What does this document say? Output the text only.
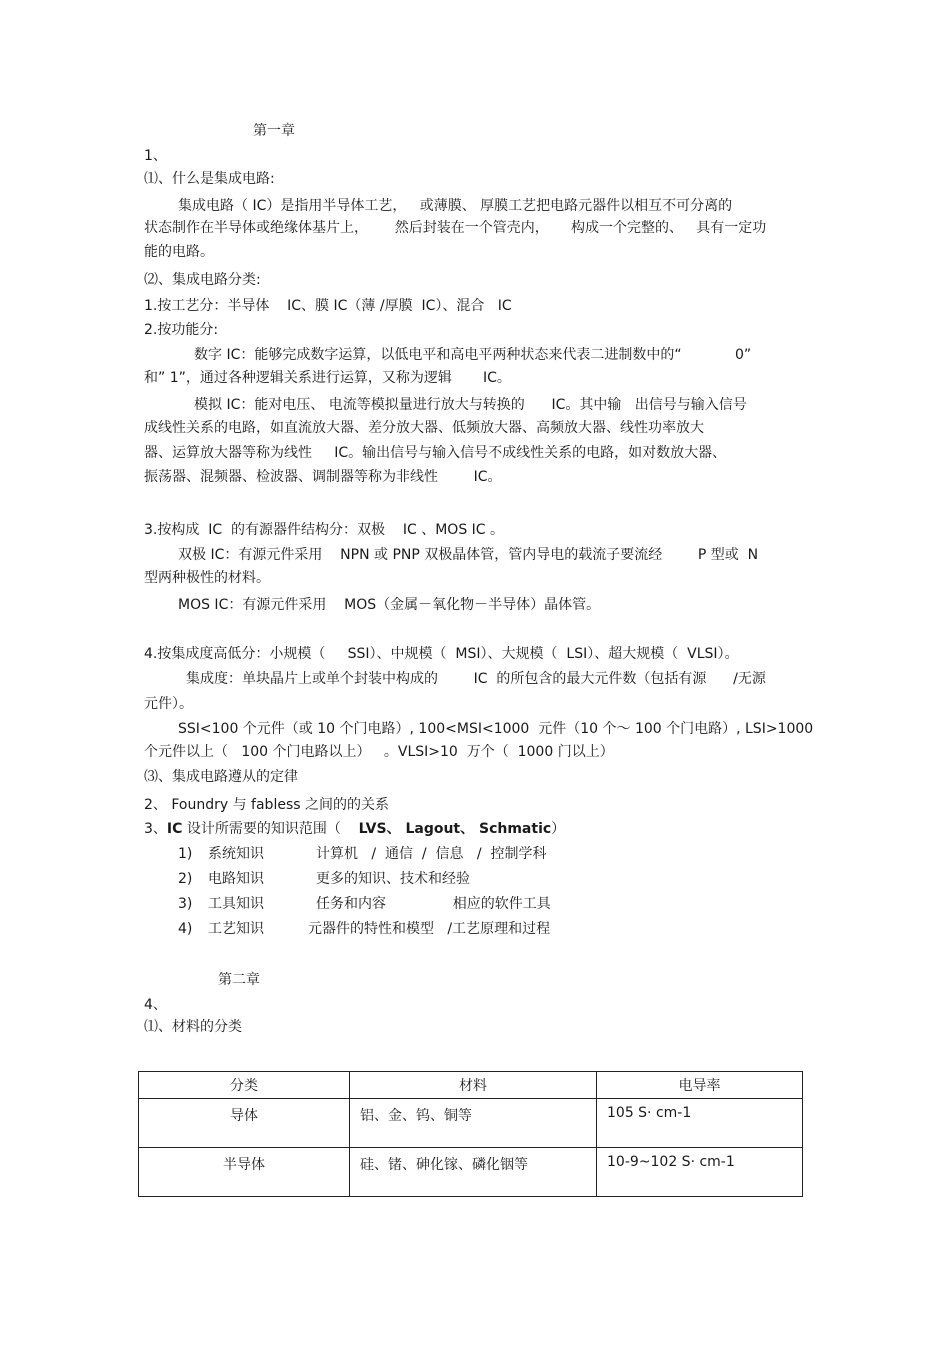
第一章
1、
⑴、什么是集成电路:
集成电路（ IC）是指用半导体工艺，   或薄膜、 厚膜工艺把电路元器件以相互不可分离的
状态制作在半导体或绝缘体基片上，      然后封装在一个管壳内，     构成一个完整的、   具有一定功
能的电路。
⑵、集成电路分类:
1.按工艺分：半导体    IC、膜 IC（薄 /厚膜  IC）、混合   IC
2.按功能分:
数字 IC：能够完成数字运算，以低电平和高电平两种状态来代表二进制数中的“            0”
和” 1”，通过各种逻辑关系进行运算，又称为逻辑       IC。
模拟 IC：能对电压、 电流等模拟量进行放大与转换的      IC。其中输   出信号与输入信号
成线性关系的电路，如直流放大器、差分放大器、低频放大器、高频放大器、线性功率放大
器、运算放大器等称为线性     IC。输出信号与输入信号不成线性关系的电路，如对数放大器、
振荡器、混频器、检波器、调制器等称为非线性        IC。
3.按构成  IC  的有源器件结构分：双极    IC 、MOS IC 。
双极 IC：有源元件采用    NPN 或 PNP 双极晶体管，管内导电的载流子要流经        P 型或  N
型两种极性的材料。
MOS IC：有源元件采用    MOS（金属－氧化物－半导体）晶体管。
4.按集成度高低分：小规模（     SSI）、中规模（  MSI）、大规模（  LSI）、超大规模（  VLSI）。
集成度：单块晶片上或单个封装中构成的        IC  的所包含的最大元件数（包括有源      /无源
元件）。
SSI<100 个元件（或 10 个门电路）, 100<MSI<1000  元件（10 个～ 100 个门电路）, LSI>1000
个元件以上（   100 个门电路以上）   。VLSI>10  万个（  1000 门以上）
⑶、集成电路遵从的定律
2、 Foundry 与 fabless 之间的的关系
3、IC 设计所需要的知识范围（    LVS、 Lagout、 Schmatic）
1) 系统知识	计算机   /  通信  /  信息   /  控制学科
2) 电路知识	更多的知识、技术和经验
3) 工具知识	任务和内容               相应的软件工具
4) 工艺知识	元器件的特性和模型   /工艺原理和过程
第二章
4、
⑴、材料的分类
分类	材料	电导率
导体	铝、金、钨、铜等	105 S· cm-1
半导体	硅、锗、砷化镓、磷化铟等	10-9~102 S· cm-1
